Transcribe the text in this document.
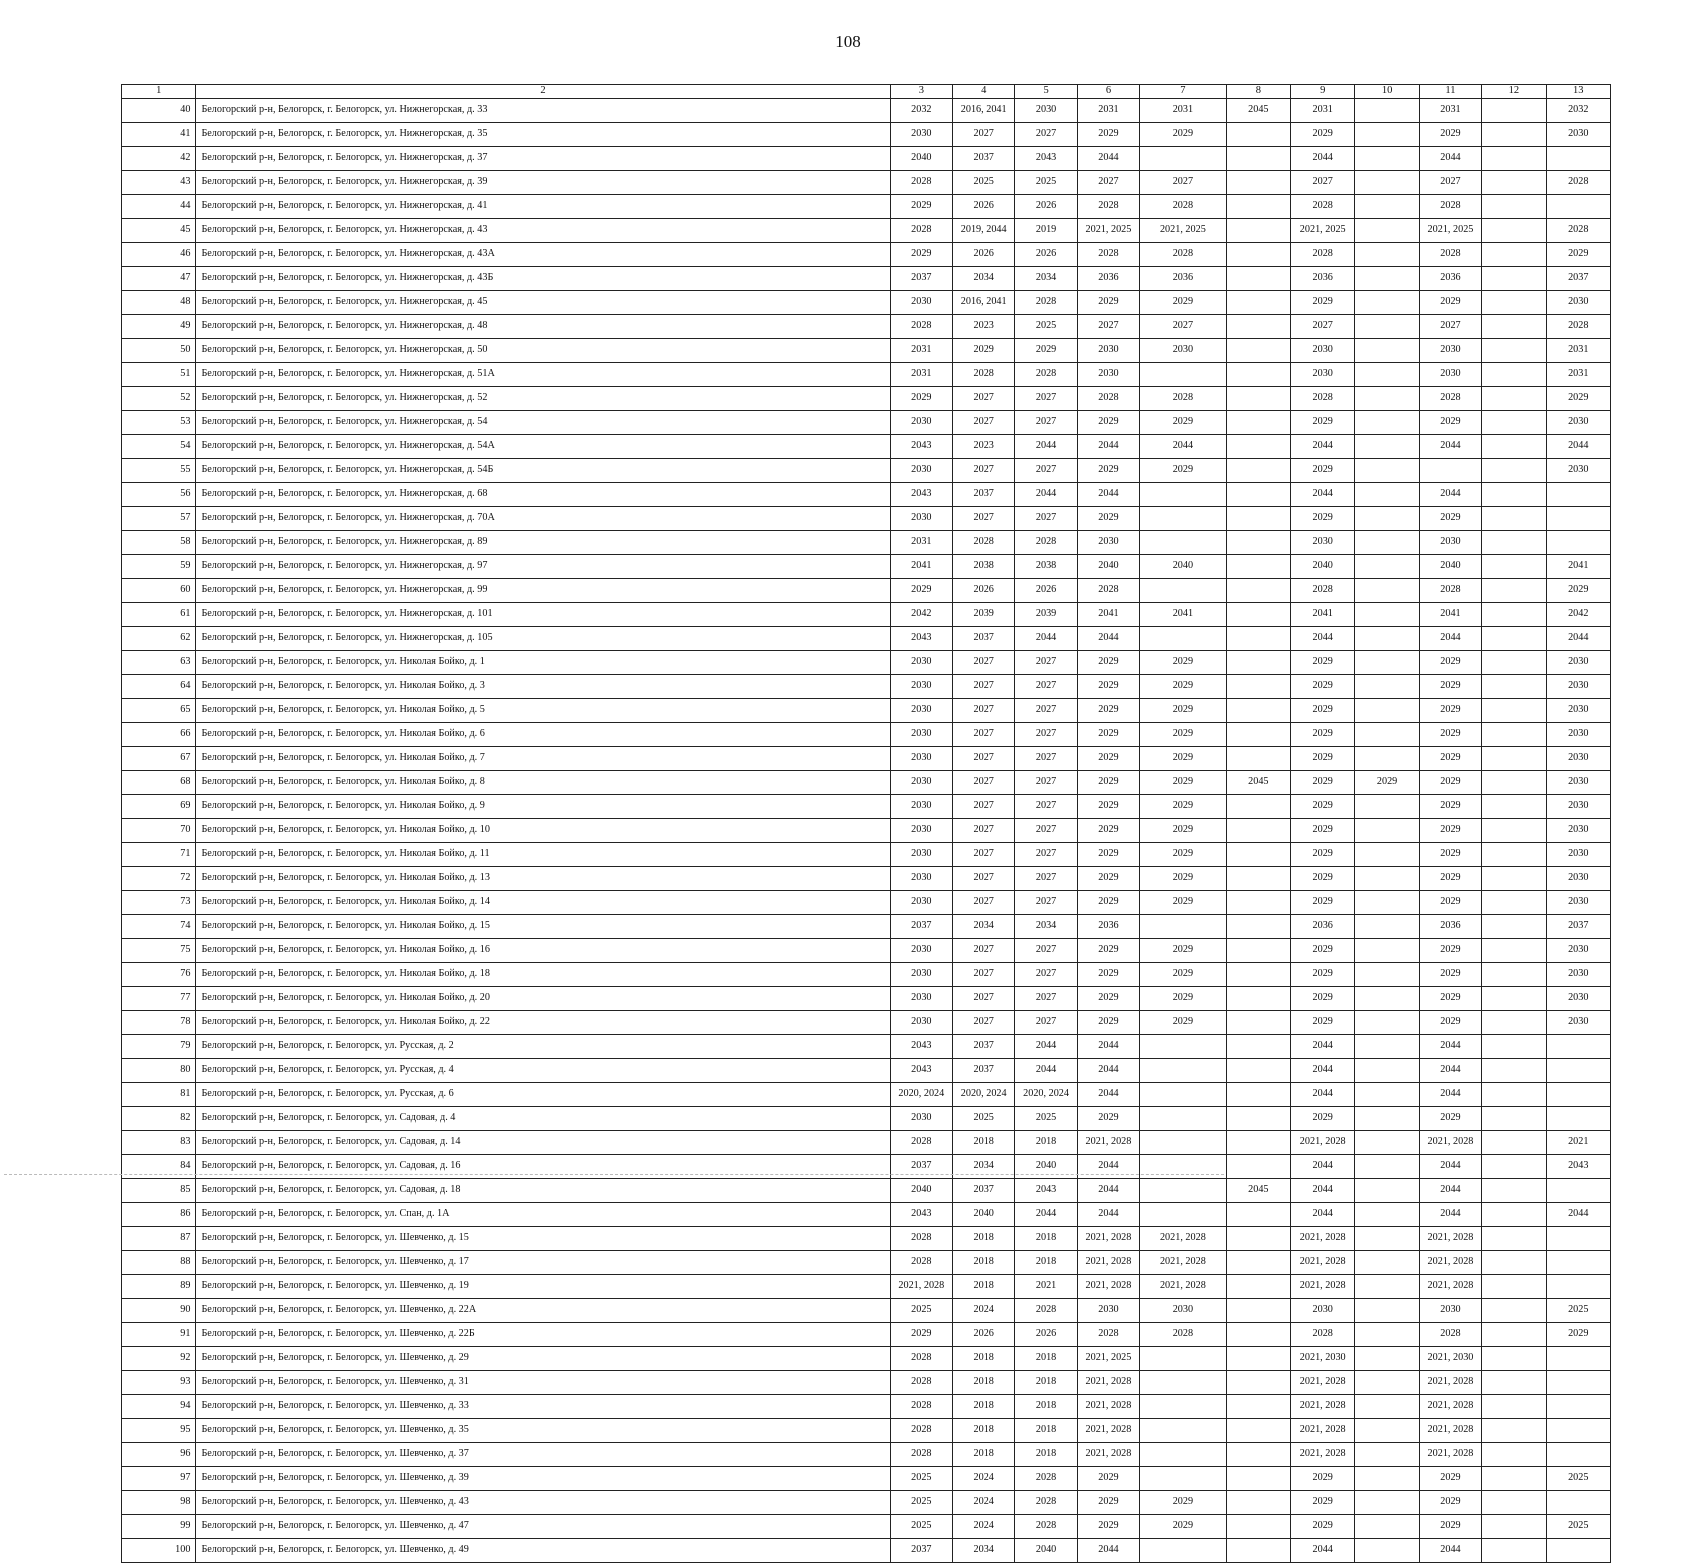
108
1	2	3	4	5	6	7	8	9	10	11	12	13
40	Белогорский р-н, Белогорск, г. Белогорск, ул. Нижнегорская, д. 33	2032	2016, 2041	2030	2031	2031	2045	2031		2031		2032
41	Белогорский р-н, Белогорск, г. Белогорск, ул. Нижнегорская, д. 35	2030	2027	2027	2029	2029		2029		2029		2030
42	Белогорский р-н, Белогорск, г. Белогорск, ул. Нижнегорская, д. 37	2040	2037	2043	2044			2044		2044		
43	Белогорский р-н, Белогорск, г. Белогорск, ул. Нижнегорская, д. 39	2028	2025	2025	2027	2027		2027		2027		2028
44	Белогорский р-н, Белогорск, г. Белогорск, ул. Нижнегорская, д. 41	2029	2026	2026	2028	2028		2028		2028		
45	Белогорский р-н, Белогорск, г. Белогорск, ул. Нижнегорская, д. 43	2028	2019, 2044	2019	2021, 2025	2021, 2025		2021, 2025		2021, 2025		2028
46	Белогорский р-н, Белогорск, г. Белогорск, ул. Нижнегорская, д. 43А	2029	2026	2026	2028	2028		2028		2028		2029
47	Белогорский р-н, Белогорск, г. Белогорск, ул. Нижнегорская, д. 43Б	2037	2034	2034	2036	2036		2036		2036		2037
48	Белогорский р-н, Белогорск, г. Белогорск, ул. Нижнегорская, д. 45	2030	2016, 2041	2028	2029	2029		2029		2029		2030
49	Белогорский р-н, Белогорск, г. Белогорск, ул. Нижнегорская, д. 48	2028	2023	2025	2027	2027		2027		2027		2028
50	Белогорский р-н, Белогорск, г. Белогорск, ул. Нижнегорская, д. 50	2031	2029	2029	2030	2030		2030		2030		2031
51	Белогорский р-н, Белогорск, г. Белогорск, ул. Нижнегорская, д. 51А	2031	2028	2028	2030			2030		2030		2031
52	Белогорский р-н, Белогорск, г. Белогорск, ул. Нижнегорская, д. 52	2029	2027	2027	2028	2028		2028		2028		2029
53	Белогорский р-н, Белогорск, г. Белогорск, ул. Нижнегорская, д. 54	2030	2027	2027	2029	2029		2029		2029		2030
54	Белогорский р-н, Белогорск, г. Белогорск, ул. Нижнегорская, д. 54А	2043	2023	2044	2044	2044		2044		2044		2044
55	Белогорский р-н, Белогорск, г. Белогорск, ул. Нижнегорская, д. 54Б	2030	2027	2027	2029	2029		2029				2030
56	Белогорский р-н, Белогорск, г. Белогорск, ул. Нижнегорская, д. 68	2043	2037	2044	2044			2044		2044		
57	Белогорский р-н, Белогорск, г. Белогорск, ул. Нижнегорская, д. 70А	2030	2027	2027	2029			2029		2029		
58	Белогорский р-н, Белогорск, г. Белогорск, ул. Нижнегорская, д. 89	2031	2028	2028	2030			2030		2030		
59	Белогорский р-н, Белогорск, г. Белогорск, ул. Нижнегорская, д. 97	2041	2038	2038	2040	2040		2040		2040		2041
60	Белогорский р-н, Белогорск, г. Белогорск, ул. Нижнегорская, д. 99	2029	2026	2026	2028			2028		2028		2029
61	Белогорский р-н, Белогорск, г. Белогорск, ул. Нижнегорская, д. 101	2042	2039	2039	2041	2041		2041		2041		2042
62	Белогорский р-н, Белогорск, г. Белогорск, ул. Нижнегорская, д. 105	2043	2037	2044	2044			2044		2044		2044
63	Белогорский р-н, Белогорск, г. Белогорск, ул. Николая Бойко, д. 1	2030	2027	2027	2029	2029		2029		2029		2030
64	Белогорский р-н, Белогорск, г. Белогорск, ул. Николая Бойко, д. 3	2030	2027	2027	2029	2029		2029		2029		2030
65	Белогорский р-н, Белогорск, г. Белогорск, ул. Николая Бойко, д. 5	2030	2027	2027	2029	2029		2029		2029		2030
66	Белогорский р-н, Белогорск, г. Белогорск, ул. Николая Бойко, д. 6	2030	2027	2027	2029	2029		2029		2029		2030
67	Белогорский р-н, Белогорск, г. Белогорск, ул. Николая Бойко, д. 7	2030	2027	2027	2029	2029		2029		2029		2030
68	Белогорский р-н, Белогорск, г. Белогорск, ул. Николая Бойко, д. 8	2030	2027	2027	2029	2029	2045	2029	2029	2029		2030
69	Белогорский р-н, Белогорск, г. Белогорск, ул. Николая Бойко, д. 9	2030	2027	2027	2029	2029		2029		2029		2030
70	Белогорский р-н, Белогорск, г. Белогорск, ул. Николая Бойко, д. 10	2030	2027	2027	2029	2029		2029		2029		2030
71	Белогорский р-н, Белогорск, г. Белогорск, ул. Николая Бойко, д. 11	2030	2027	2027	2029	2029		2029		2029		2030
72	Белогорский р-н, Белогорск, г. Белогорск, ул. Николая Бойко, д. 13	2030	2027	2027	2029	2029		2029		2029		2030
73	Белогорский р-н, Белогорск, г. Белогорск, ул. Николая Бойко, д. 14	2030	2027	2027	2029	2029		2029		2029		2030
74	Белогорский р-н, Белогорск, г. Белогорск, ул. Николая Бойко, д. 15	2037	2034	2034	2036			2036		2036		2037
75	Белогорский р-н, Белогорск, г. Белогорск, ул. Николая Бойко, д. 16	2030	2027	2027	2029	2029		2029		2029		2030
76	Белогорский р-н, Белогорск, г. Белогорск, ул. Николая Бойко, д. 18	2030	2027	2027	2029	2029		2029		2029		2030
77	Белогорский р-н, Белогорск, г. Белогорск, ул. Николая Бойко, д. 20	2030	2027	2027	2029	2029		2029		2029		2030
78	Белогорский р-н, Белогорск, г. Белогорск, ул. Николая Бойко, д. 22	2030	2027	2027	2029	2029		2029		2029		2030
79	Белогорский р-н, Белогорск, г. Белогорск, ул. Русская, д. 2	2043	2037	2044	2044			2044		2044		
80	Белогорский р-н, Белогорск, г. Белогорск, ул. Русская, д. 4	2043	2037	2044	2044			2044		2044		
81	Белогорский р-н, Белогорск, г. Белогорск, ул. Русская, д. 6	2020, 2024	2020, 2024	2020, 2024	2044			2044		2044		
82	Белогорский р-н, Белогорск, г. Белогорск, ул. Садовая, д. 4	2030	2025	2025	2029			2029		2029		
83	Белогорский р-н, Белогорск, г. Белогорск, ул. Садовая, д. 14	2028	2018	2018	2021, 2028			2021, 2028		2021, 2028		2021
84	Белогорский р-н, Белогорск, г. Белогорск, ул. Садовая, д. 16	2037	2034	2040	2044			2044		2044		2043
85	Белогорский р-н, Белогорск, г. Белогорск, ул. Садовая, д. 18	2040	2037	2043	2044		2045	2044		2044		
86	Белогорский р-н, Белогорск, г. Белогорск, ул. Спан, д. 1А	2043	2040	2044	2044			2044		2044		2044
87	Белогорский р-н, Белогорск, г. Белогорск, ул. Шевченко, д. 15	2028	2018	2018	2021, 2028	2021, 2028		2021, 2028		2021, 2028		
88	Белогорский р-н, Белогорск, г. Белогорск, ул. Шевченко, д. 17	2028	2018	2018	2021, 2028	2021, 2028		2021, 2028		2021, 2028		
89	Белогорский р-н, Белогорск, г. Белогорск, ул. Шевченко, д. 19	2021, 2028	2018	2021	2021, 2028	2021, 2028		2021, 2028		2021, 2028		
90	Белогорский р-н, Белогорск, г. Белогорск, ул. Шевченко, д. 22А	2025	2024	2028	2030	2030		2030		2030		2025
91	Белогорский р-н, Белогорск, г. Белогорск, ул. Шевченко, д. 22Б	2029	2026	2026	2028	2028		2028		2028		2029
92	Белогорский р-н, Белогорск, г. Белогорск, ул. Шевченко, д. 29	2028	2018	2018	2021, 2025			2021, 2030		2021, 2030		
93	Белогорский р-н, Белогорск, г. Белогорск, ул. Шевченко, д. 31	2028	2018	2018	2021, 2028			2021, 2028		2021, 2028		
94	Белогорский р-н, Белогорск, г. Белогорск, ул. Шевченко, д. 33	2028	2018	2018	2021, 2028			2021, 2028		2021, 2028		
95	Белогорский р-н, Белогорск, г. Белогорск, ул. Шевченко, д. 35	2028	2018	2018	2021, 2028			2021, 2028		2021, 2028		
96	Белогорский р-н, Белогорск, г. Белогорск, ул. Шевченко, д. 37	2028	2018	2018	2021, 2028			2021, 2028		2021, 2028		
97	Белогорский р-н, Белогорск, г. Белогорск, ул. Шевченко, д. 39	2025	2024	2028	2029			2029		2029		2025
98	Белогорский р-н, Белогорск, г. Белогорск, ул. Шевченко, д. 43	2025	2024	2028	2029	2029		2029		2029		
99	Белогорский р-н, Белогорск, г. Белогорск, ул. Шевченко, д. 47	2025	2024	2028	2029	2029		2029		2029		2025
100	Белогорский р-н, Белогорск, г. Белогорск, ул. Шевченко, д. 49	2037	2034	2040	2044			2044		2044		
